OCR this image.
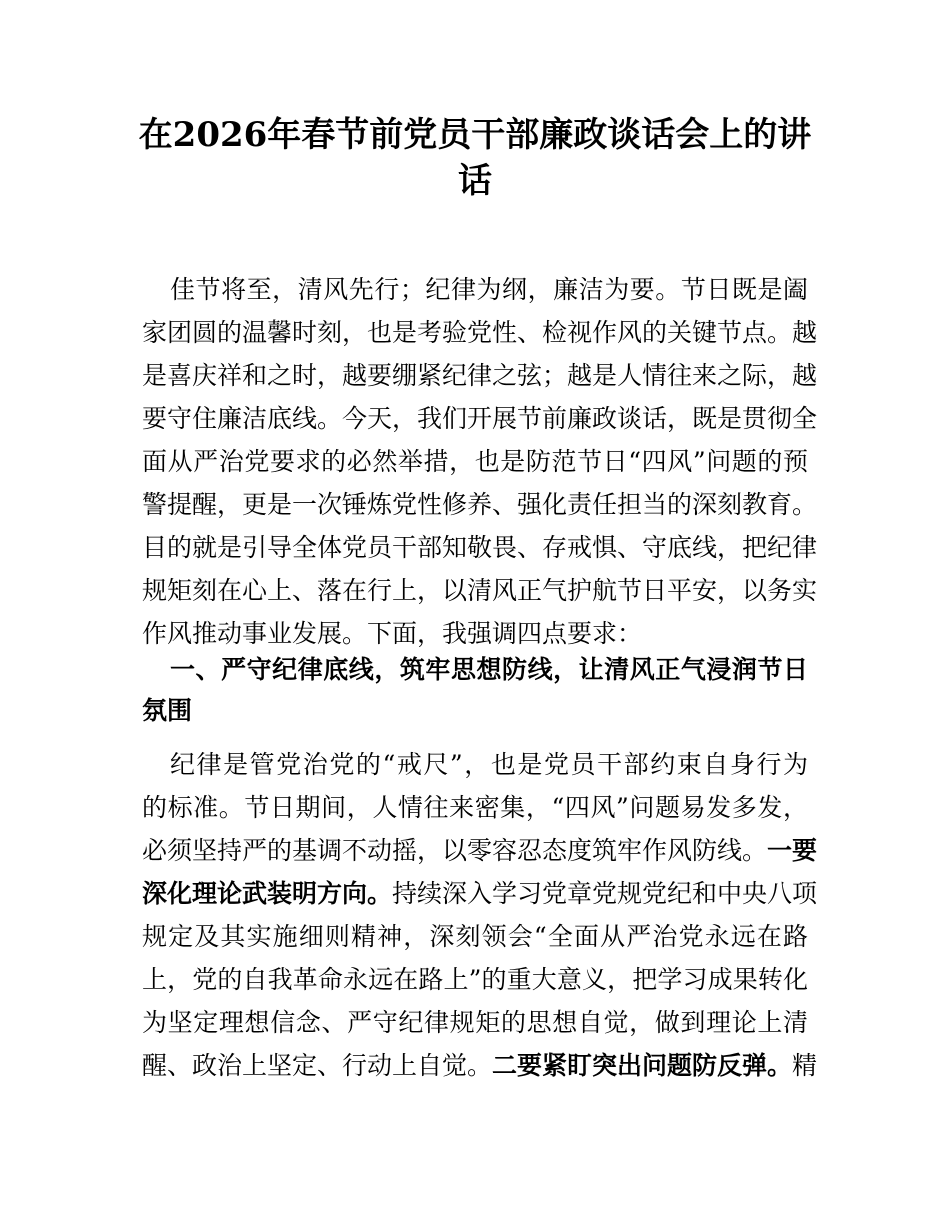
在2026年春节前党员干部廉政谈话会上的讲
话
佳节将至，清风先行；纪律为纲，廉洁为要。节日既是阖
家团圆的温馨时刻，也是考验党性、检视作风的关键节点。越
是喜庆祥和之时，越要绷紧纪律之弦；越是人情往来之际，越
要守住廉洁底线。今天，我们开展节前廉政谈话，既是贯彻全
面从严治党要求的必然举措，也是防范节日“四风”问题的预
警提醒，更是一次锤炼党性修养、强化责任担当的深刻教育。
目的就是引导全体党员干部知敬畏、存戒惧、守底线，把纪律
规矩刻在心上、落在行上，以清风正气护航节日平安，以务实
作风推动事业发展。下面，我强调四点要求：
一、严守纪律底线，筑牢思想防线，让清风正气浸润节日
氛围
纪律是管党治党的“戒尺”，也是党员干部约束自身行为
的标准。节日期间，人情往来密集，“四风”问题易发多发，
必须坚持严的基调不动摇，以零容忍态度筑牢作风防线。一要
深化理论武装明方向。持续深入学习党章党规党纪和中央八项
规定及其实施细则精神，深刻领会“全面从严治党永远在路
上，党的自我革命永远在路上”的重大意义，把学习成果转化
为坚定理想信念、严守纪律规矩的思想自觉，做到理论上清
醒、政治上坚定、行动上自觉。二要紧盯突出问题防反弹。精
